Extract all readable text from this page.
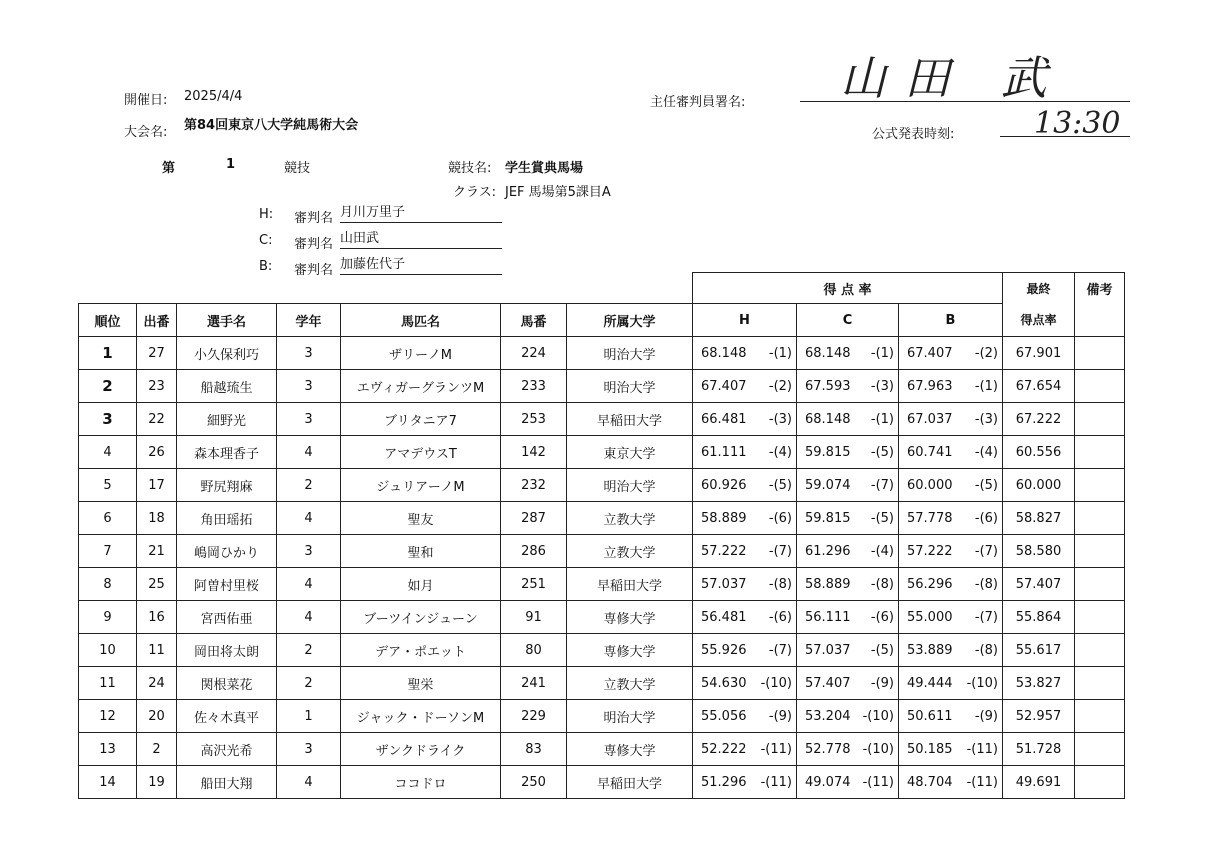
開催日: 2025/4/4
大会名: 第84回東京八大学純馬術大会
主任審判員署名: 山田 武
公式発表時刻:	13:30
第	1	競技	競技名: 学生賞典馬場
クラス: JEF 馬場第5課目A
H: 審判名 月川万里子
C: 審判名 山田武
B: 審判名 加藤佐代子
							得 点 率			最終	備考
順位	出番	選手名	学年	馬匹名	馬番	所属大学	H	C	B	得点率	
1	27	小久保利巧	3	ザリーノM	224	明治大学	68.148 -(1)	68.148 -(1)	67.407 -(2)	67.901	
2	23	船越琉生	3	エヴィガーグランツM	233	明治大学	67.407 -(2)	67.593 -(3)	67.963 -(1)	67.654	
3	22	細野光	3	ブリタニア7	253	早稲田大学	66.481 -(3)	68.148 -(1)	67.037 -(3)	67.222	
4	26	森本理香子	4	アマデウスT	142	東京大学	61.111 -(4)	59.815 -(5)	60.741 -(4)	60.556	
5	17	野尻翔麻	2	ジュリアーノM	232	明治大学	60.926 -(5)	59.074 -(7)	60.000 -(5)	60.000	
6	18	角田瑶拓	4	聖友	287	立教大学	58.889 -(6)	59.815 -(5)	57.778 -(6)	58.827	
7	21	嶋岡ひかり	3	聖和	286	立教大学	57.222 -(7)	61.296 -(4)	57.222 -(7)	58.580	
8	25	阿曽村里桜	4	如月	251	早稲田大学	57.037 -(8)	58.889 -(8)	56.296 -(8)	57.407	
9	16	宮西佑亜	4	ブーツインジューン	91	専修大学	56.481 -(6)	56.111 -(6)	55.000 -(7)	55.864	
10	11	岡田将太朗	2	デア・ポエット	80	専修大学	55.926 -(7)	57.037 -(5)	53.889 -(8)	55.617	
11	24	関根菜花	2	聖栄	241	立教大学	54.630 -(10)	57.407 -(9)	49.444 -(10)	53.827	
12	20	佐々木真平	1	ジャック・ドーソンM	229	明治大学	55.056 -(9)	53.204 -(10)	50.611 -(9)	52.957	
13	2	高沢光希	3	ザンクドライク	83	専修大学	52.222 -(11)	52.778 -(10)	50.185 -(11)	51.728	
14	19	船田大翔	4	ココドロ	250	早稲田大学	51.296 -(11)	49.074 -(11)	48.704 -(11)	49.691	
